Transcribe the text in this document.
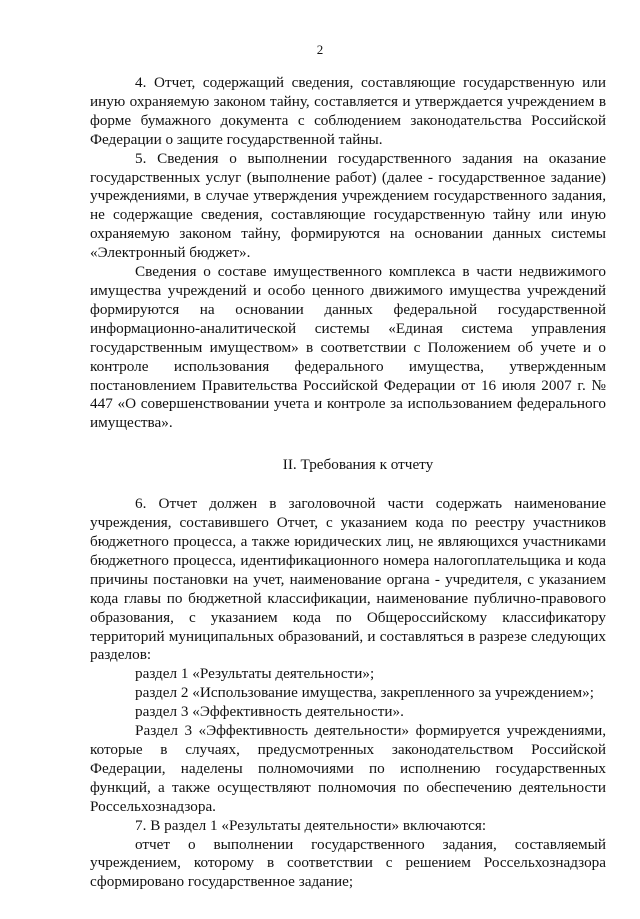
2

4. Отчет, содержащий сведения, составляющие государственную или иную охраняемую законом тайну, составляется и утверждается учреждением в форме бумажного документа с соблюдением законодательства Российской Федерации о защите государственной тайны.

5. Сведения о выполнении государственного задания на оказание государственных услуг (выполнение работ) (далее - государственное задание) учреждениями, в случае утверждения учреждением государственного задания, не содержащие сведения, составляющие государственную тайну или иную охраняемую законом тайну, формируются на основании данных системы «Электронный бюджет».

Сведения о составе имущественного комплекса в части недвижимого имущества учреждений и особо ценного движимого имущества учреждений формируются на основании данных федеральной государственной информационно-аналитической системы «Единая система управления государственным имуществом» в соответствии с Положением об учете и о контроле использования федерального имущества, утвержденным постановлением Правительства Российской Федерации от 16 июля 2007 г. № 447 «О совершенствовании учета и контроле за использованием федерального имущества».

II. Требования к отчету

6. Отчет должен в заголовочной части содержать наименование учреждения, составившего Отчет, с указанием кода по реестру участников бюджетного процесса, а также юридических лиц, не являющихся участниками бюджетного процесса, идентификационного номера налогоплательщика и кода причины постановки на учет, наименование органа - учредителя, с указанием кода главы по бюджетной классификации, наименование публично-правового образования, с указанием кода по Общероссийскому классификатору территорий муниципальных образований, и составляться в разрезе следующих разделов:

раздел 1 «Результаты деятельности»;

раздел 2 «Использование имущества, закрепленного за учреждением»;

раздел 3 «Эффективность деятельности».

Раздел 3 «Эффективность деятельности» формируется учреждениями, которые в случаях, предусмотренных законодательством Российской Федерации, наделены полномочиями по исполнению государственных функций, а также осуществляют полномочия по обеспечению деятельности Россельхознадзора.

7. В раздел 1 «Результаты деятельности» включаются:

отчет о выполнении государственного задания, составляемый учреждением, которому в соответствии с решением Россельхознадзора сформировано государственное задание;
